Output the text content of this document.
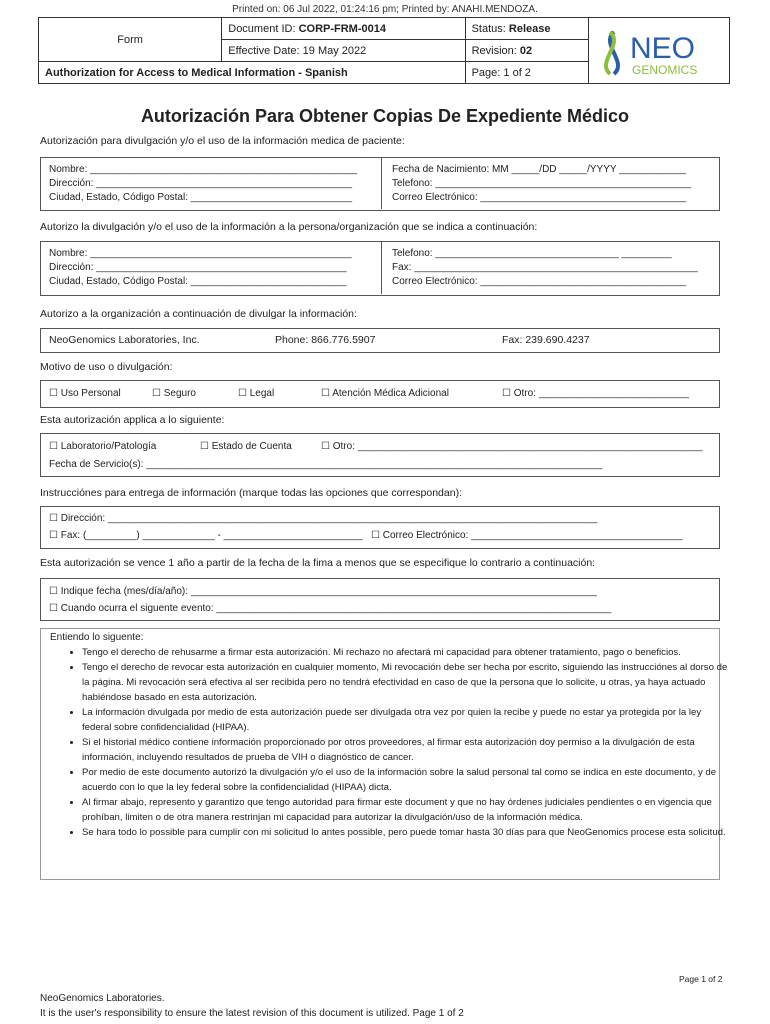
Printed on: 06 Jul 2022, 01:24:16 pm; Printed by: ANAHI.MENDOZA.
Form	Document ID: CORP-FRM-0014	Status: Release	
	Effective Date: 19 May 2022	Revision: 02	
Authorization for Access to Medical Information - Spanish		Page: 1 of 2	
NEO
GENOMICS
Autorización Para Obtener Copias De Expediente Médico
Autorización para divulgación y/o el uso de la información medica de paciente:
Nombre: ________________________________________________
Dirección: ______________________________________________
Ciudad, Estado, Código Postal: _____________________________
Fecha de Nacimiento: MM _____/DD _____/YYYY ____________
Telefono: ______________________________________________
Correo Electrónico: _____________________________________
Autorizo la divulgación y/o el uso de la información a la persona/organización que se indica a continuación:
Nombre: _______________________________________________
Dirección: _____________________________________________
Ciudad, Estado, Código Postal: ____________________________
Telefono: _________________________________ _________
Fax: ___________________________________________________
Correo Electrónico: _____________________________________
Autorizo a la organización a continuación de divulgar la información:
NeoGenomics Laboratories, Inc.	Phone: 866.776.5907	Fax: 239.690.4237
Motivo de uso o divulgación:
☐ Uso Personal	☐ Seguro	☐ Legal	☐ Atención Médica Adicional	☐ Otro: ___________________________
Esta autorización applica a lo siguiente:
☐ Laboratorio/Patología	☐ Estado de Cuenta	☐ Otro: ______________________________________________________________
Fecha de Servicio(s): __________________________________________________________________________________
Instrucciónes para entrega de información (marque todas las opciones que correspondan):
☐ Dirección: ________________________________________________________________________________________
☐ Fax: (_________) _____________ - _________________________   ☐ Correo Electrónico: ______________________________________
Esta autorización se vence 1 año a partir de la fecha de la fima a menos que se especifique lo contrario a continuación:
☐ Indique fecha (mes/día/año): _________________________________________________________________________
☐ Cuando ocurra el siguente evento: _______________________________________________________________________
Entiendo lo siguente:
• Tengo el derecho de rehusarme a firmar esta autorización. Mi rechazo no afectará mi capacidad para obtener tratamiento, pago o beneficios.
• Tengo el derecho de revocar esta autorización en cualquier momento, Mi revocación debe ser hecha por escrito, siguiendo las instrucciónes al dorso de la página. Mi revocación será efectiva al ser recibida pero no tendrá efectividad en caso de que la persona que lo solicite, u otras, ya haya actuado habiéndose basado en esta autorización.
• La información divulgada por medio de esta autorización puede ser divulgada otra vez por quien la recibe y puede no estar ya protegida por la ley federal sobre confidencialidad (HIPAA).
• Si el historial médico contiene información proporcionado por otros proveedores, al firmar esta autorización doy permiso a la divulgación de esta información, incluyendo resultados de prueba de VIH o diagnóstico de cancer.
• Por medio de este documento autorizó la divulgación y/o el uso de la información sobre la salud personal tal como se indica en este documento, y de acuerdo con lo que la ley federal sobre la confidencialidad (HIPAA) dicta.
• Al firmar abajo, represento y garantizo que tengo autoridad para firmar este document y que no hay órdenes judiciales pendientes o en vigencia que prohíban, limiten o de otra manera restrinjan mi capacidad para autorizar la divulgación/uso de la información médica.
• Se hara todo lo possible para cumplir con mi solicitud lo antes possible, pero puede tomar hasta 30 días para que NeoGenomics procese esta solicitud.
Page 1 of 2
NeoGenomics Laboratories.
It is the user's responsibility to ensure the latest revision of this document is utilized. Page 1 of 2
